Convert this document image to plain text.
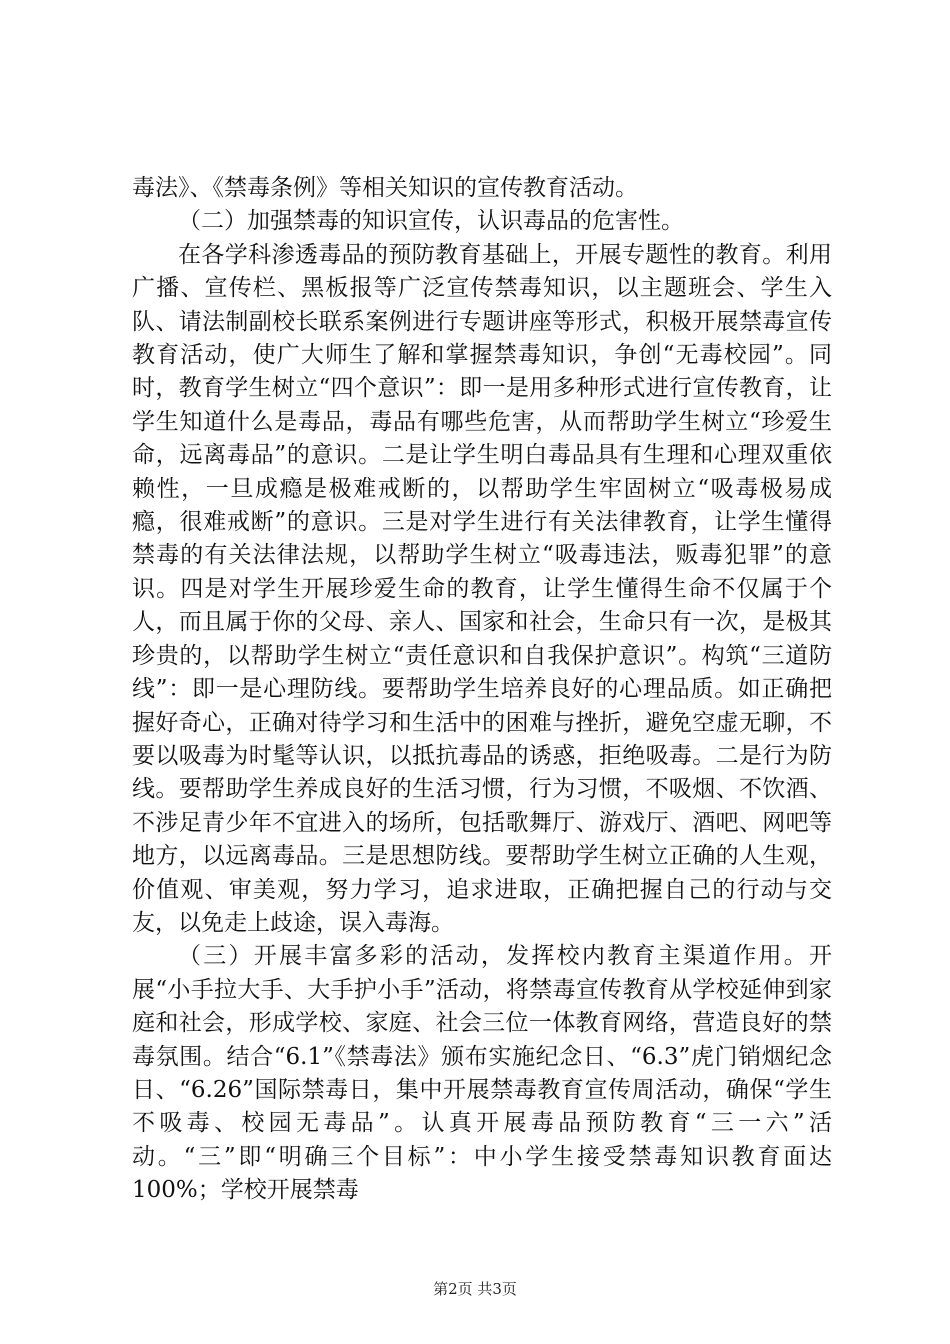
毒法》、《禁毒条例》等相关知识的宣传教育活动。

（二）加强禁毒的知识宣传，认识毒品的危害性。

在各学科渗透毒品的预防教育基础上，开展专题性的教育。利用广播、宣传栏、黑板报等广泛宣传禁毒知识，以主题班会、学生入队、请法制副校长联系案例进行专题讲座等形式，积极开展禁毒宣传教育活动，使广大师生了解和掌握禁毒知识，争创“无毒校园”。同时，教育学生树立“四个意识”：即一是用多种形式进行宣传教育，让学生知道什么是毒品，毒品有哪些危害，从而帮助学生树立“珍爱生命，远离毒品”的意识。二是让学生明白毒品具有生理和心理双重依赖性，一旦成瘾是极难戒断的，以帮助学生牢固树立“吸毒极易成瘾，很难戒断”的意识。三是对学生进行有关法律教育，让学生懂得禁毒的有关法律法规，以帮助学生树立“吸毒违法，贩毒犯罪”的意识。四是对学生开展珍爱生命的教育，让学生懂得生命不仅属于个人，而且属于你的父母、亲人、国家和社会，生命只有一次，是极其珍贵的，以帮助学生树立“责任意识和自我保护意识”。构筑“三道防线”：即一是心理防线。要帮助学生培养良好的心理品质。如正确把握好奇心，正确对待学习和生活中的困难与挫折，避免空虚无聊，不要以吸毒为时髦等认识，以抵抗毒品的诱惑，拒绝吸毒。二是行为防线。要帮助学生养成良好的生活习惯，行为习惯，不吸烟、不饮酒、不涉足青少年不宜进入的场所，包括歌舞厅、游戏厅、酒吧、网吧等地方，以远离毒品。三是思想防线。要帮助学生树立正确的人生观，价值观、审美观，努力学习，追求进取，正确把握自己的行动与交友，以免走上歧途，误入毒海。

（三）开展丰富多彩的活动，发挥校内教育主渠道作用。开展“小手拉大手、大手护小手”活动，将禁毒宣传教育从学校延伸到家庭和社会，形成学校、家庭、社会三位一体教育网络，营造良好的禁毒氛围。结合“6.1”《禁毒法》颁布实施纪念日、“6.3”虎门销烟纪念日、“6.26”国际禁毒日，集中开展禁毒教育宣传周活动，确保“学生不吸毒、校园无毒品”。认真开展毒品预防教育“三一六”活动。“三”即“明确三个目标”：中小学生接受禁毒知识教育面达100%；学校开展禁毒

第2页 共3页
